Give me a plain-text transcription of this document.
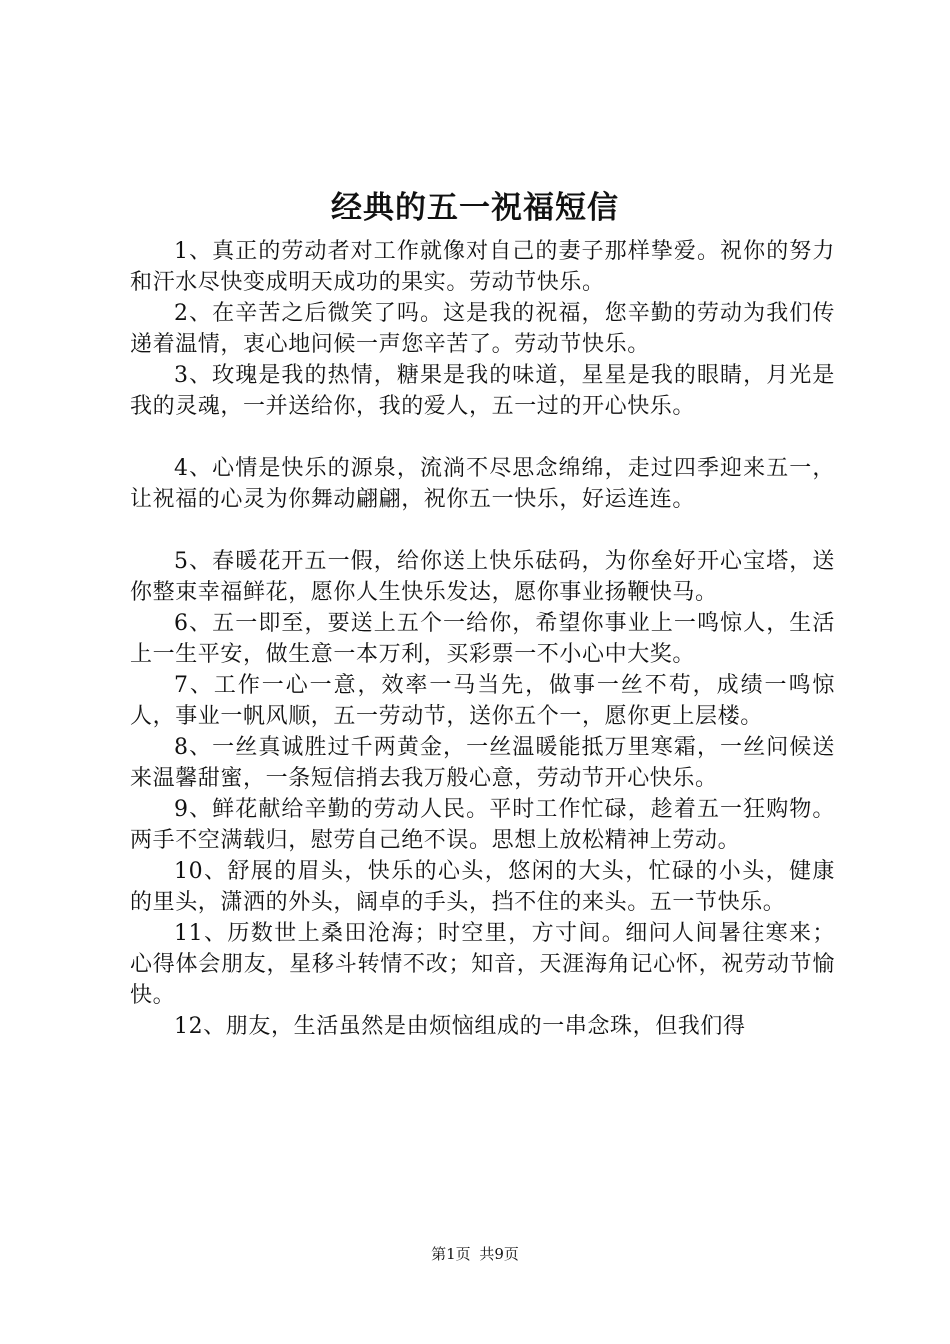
经典的五一祝福短信

1、真正的劳动者对工作就像对自己的妻子那样挚爱。祝你的努力和汗水尽快变成明天成功的果实。劳动节快乐。

2、在辛苦之后微笑了吗。这是我的祝福，您辛勤的劳动为我们传递着温情，衷心地问候一声您辛苦了。劳动节快乐。

3、玫瑰是我的热情，糖果是我的味道，星星是我的眼睛，月光是我的灵魂，一并送给你，我的爱人，五一过的开心快乐。

4、心情是快乐的源泉，流淌不尽思念绵绵，走过四季迎来五一，让祝福的心灵为你舞动翩翩，祝你五一快乐，好运连连。

5、春暖花开五一假，给你送上快乐砝码，为你垒好开心宝塔，送你整束幸福鲜花，愿你人生快乐发达，愿你事业扬鞭快马。

6、五一即至，要送上五个一给你，希望你事业上一鸣惊人，生活上一生平安，做生意一本万利，买彩票一不小心中大奖。

7、工作一心一意，效率一马当先，做事一丝不苟，成绩一鸣惊人，事业一帆风顺，五一劳动节，送你五个一，愿你更上层楼。

8、一丝真诚胜过千两黄金，一丝温暖能抵万里寒霜，一丝问候送来温馨甜蜜，一条短信捎去我万般心意，劳动节开心快乐。

9、鲜花献给辛勤的劳动人民。平时工作忙碌，趁着五一狂购物。两手不空满载归，慰劳自己绝不误。思想上放松精神上劳动。

10、舒展的眉头，快乐的心头，悠闲的大头，忙碌的小头，健康的里头，潇洒的外头，阔卓的手头，挡不住的来头。五一节快乐。

11、历数世上桑田沧海；时空里，方寸间。细问人间暑往寒来；心得体会朋友，星移斗转情不改；知音，天涯海角记心怀，祝劳动节愉快。

12、朋友，生活虽然是由烦恼组成的一串念珠，但我们得

第1页 共9页
